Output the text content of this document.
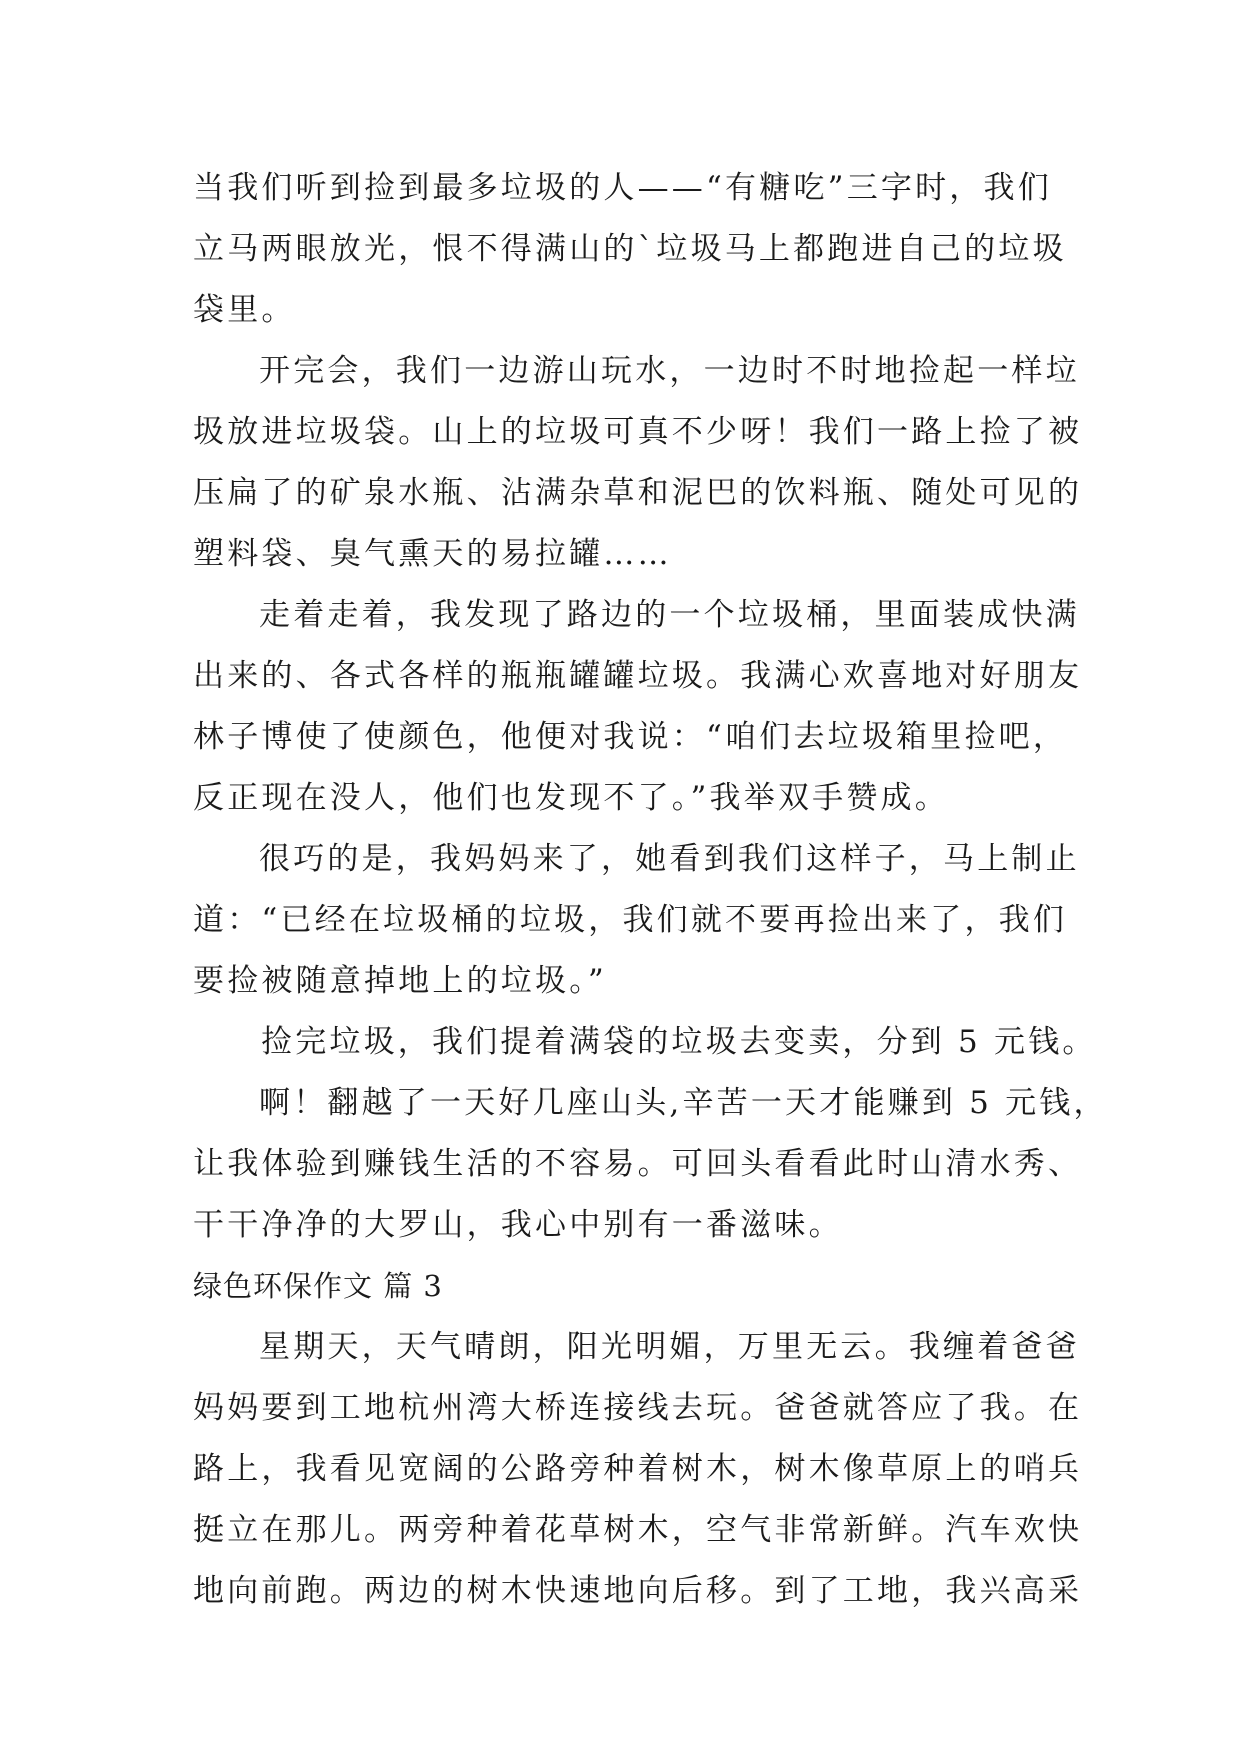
当我们听到捡到最多垃圾的人——“有糖吃”三字时，我们

立马两眼放光，恨不得满山的`垃圾马上都跑进自己的垃圾

袋里。

开完会，我们一边游山玩水，一边时不时地捡起一样垃

圾放进垃圾袋。山上的垃圾可真不少呀！我们一路上捡了被

压扁了的矿泉水瓶、沾满杂草和泥巴的饮料瓶、随处可见的

塑料袋、臭气熏天的易拉罐……

走着走着，我发现了路边的一个垃圾桶，里面装成快满

出来的、各式各样的瓶瓶罐罐垃圾。我满心欢喜地对好朋友

林子博使了使颜色，他便对我说：“咱们去垃圾箱里捡吧，

反正现在没人，他们也发现不了。”我举双手赞成。

很巧的是，我妈妈来了，她看到我们这样子，马上制止

道：“已经在垃圾桶的垃圾，我们就不要再捡出来了，我们

要捡被随意掉地上的垃圾。”

捡完垃圾，我们提着满袋的垃圾去变卖，分到 5 元钱。

啊！翻越了一天好几座山头,辛苦一天才能赚到 5 元钱，

让我体验到赚钱生活的不容易。可回头看看此时山清水秀、

干干净净的大罗山，我心中别有一番滋味。

绿色环保作文 篇 3

星期天，天气晴朗，阳光明媚，万里无云。我缠着爸爸

妈妈要到工地杭州湾大桥连接线去玩。爸爸就答应了我。在

路上，我看见宽阔的公路旁种着树木，树木像草原上的哨兵

挺立在那儿。两旁种着花草树木，空气非常新鲜。汽车欢快

地向前跑。两边的树木快速地向后移。到了工地，我兴高采
